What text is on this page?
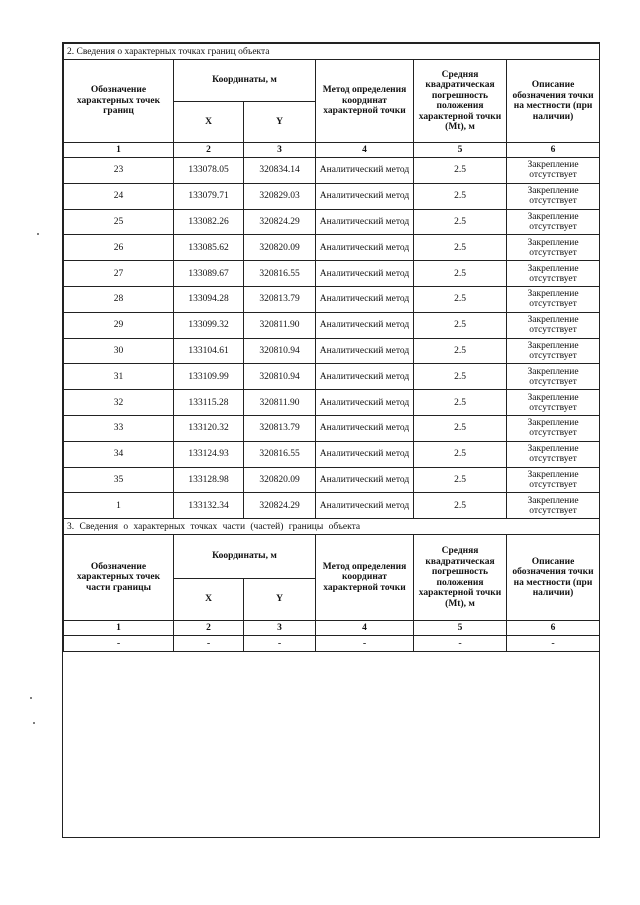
2. Сведения о характерных точках границ объекта					
Обозначение характерных точек границ	Координаты, м		Метод определения координат характерной точки	Средняя квадратическая погрешность положения характерной точки (Mt), м	Описание обозначения точки на местности (при наличии)
	X	Y			
1	2	3	4	5	6
23	133078.05	320834.14	Аналитический метод	2.5	Закрепление отсутствует
24	133079.71	320829.03	Аналитический метод	2.5	Закрепление отсутствует
25	133082.26	320824.29	Аналитический метод	2.5	Закрепление отсутствует
26	133085.62	320820.09	Аналитический метод	2.5	Закрепление отсутствует
27	133089.67	320816.55	Аналитический метод	2.5	Закрепление отсутствует
28	133094.28	320813.79	Аналитический метод	2.5	Закрепление отсутствует
29	133099.32	320811.90	Аналитический метод	2.5	Закрепление отсутствует
30	133104.61	320810.94	Аналитический метод	2.5	Закрепление отсутствует
31	133109.99	320810.94	Аналитический метод	2.5	Закрепление отсутствует
32	133115.28	320811.90	Аналитический метод	2.5	Закрепление отсутствует
33	133120.32	320813.79	Аналитический метод	2.5	Закрепление отсутствует
34	133124.93	320816.55	Аналитический метод	2.5	Закрепление отсутствует
35	133128.98	320820.09	Аналитический метод	2.5	Закрепление отсутствует
1	133132.34	320824.29	Аналитический метод	2.5	Закрепление отсутствует
3. Сведения о характерных точках части (частей) границы объекта					
Обозначение характерных точек части границы	Координаты, м		Метод определения координат характерной точки	Средняя квадратическая погрешность положения характерной точки (Mt), м	Описание обозначения точки на местности (при наличии)
	X	Y			
1	2	3	4	5	6
-	-	-	-	-	-
